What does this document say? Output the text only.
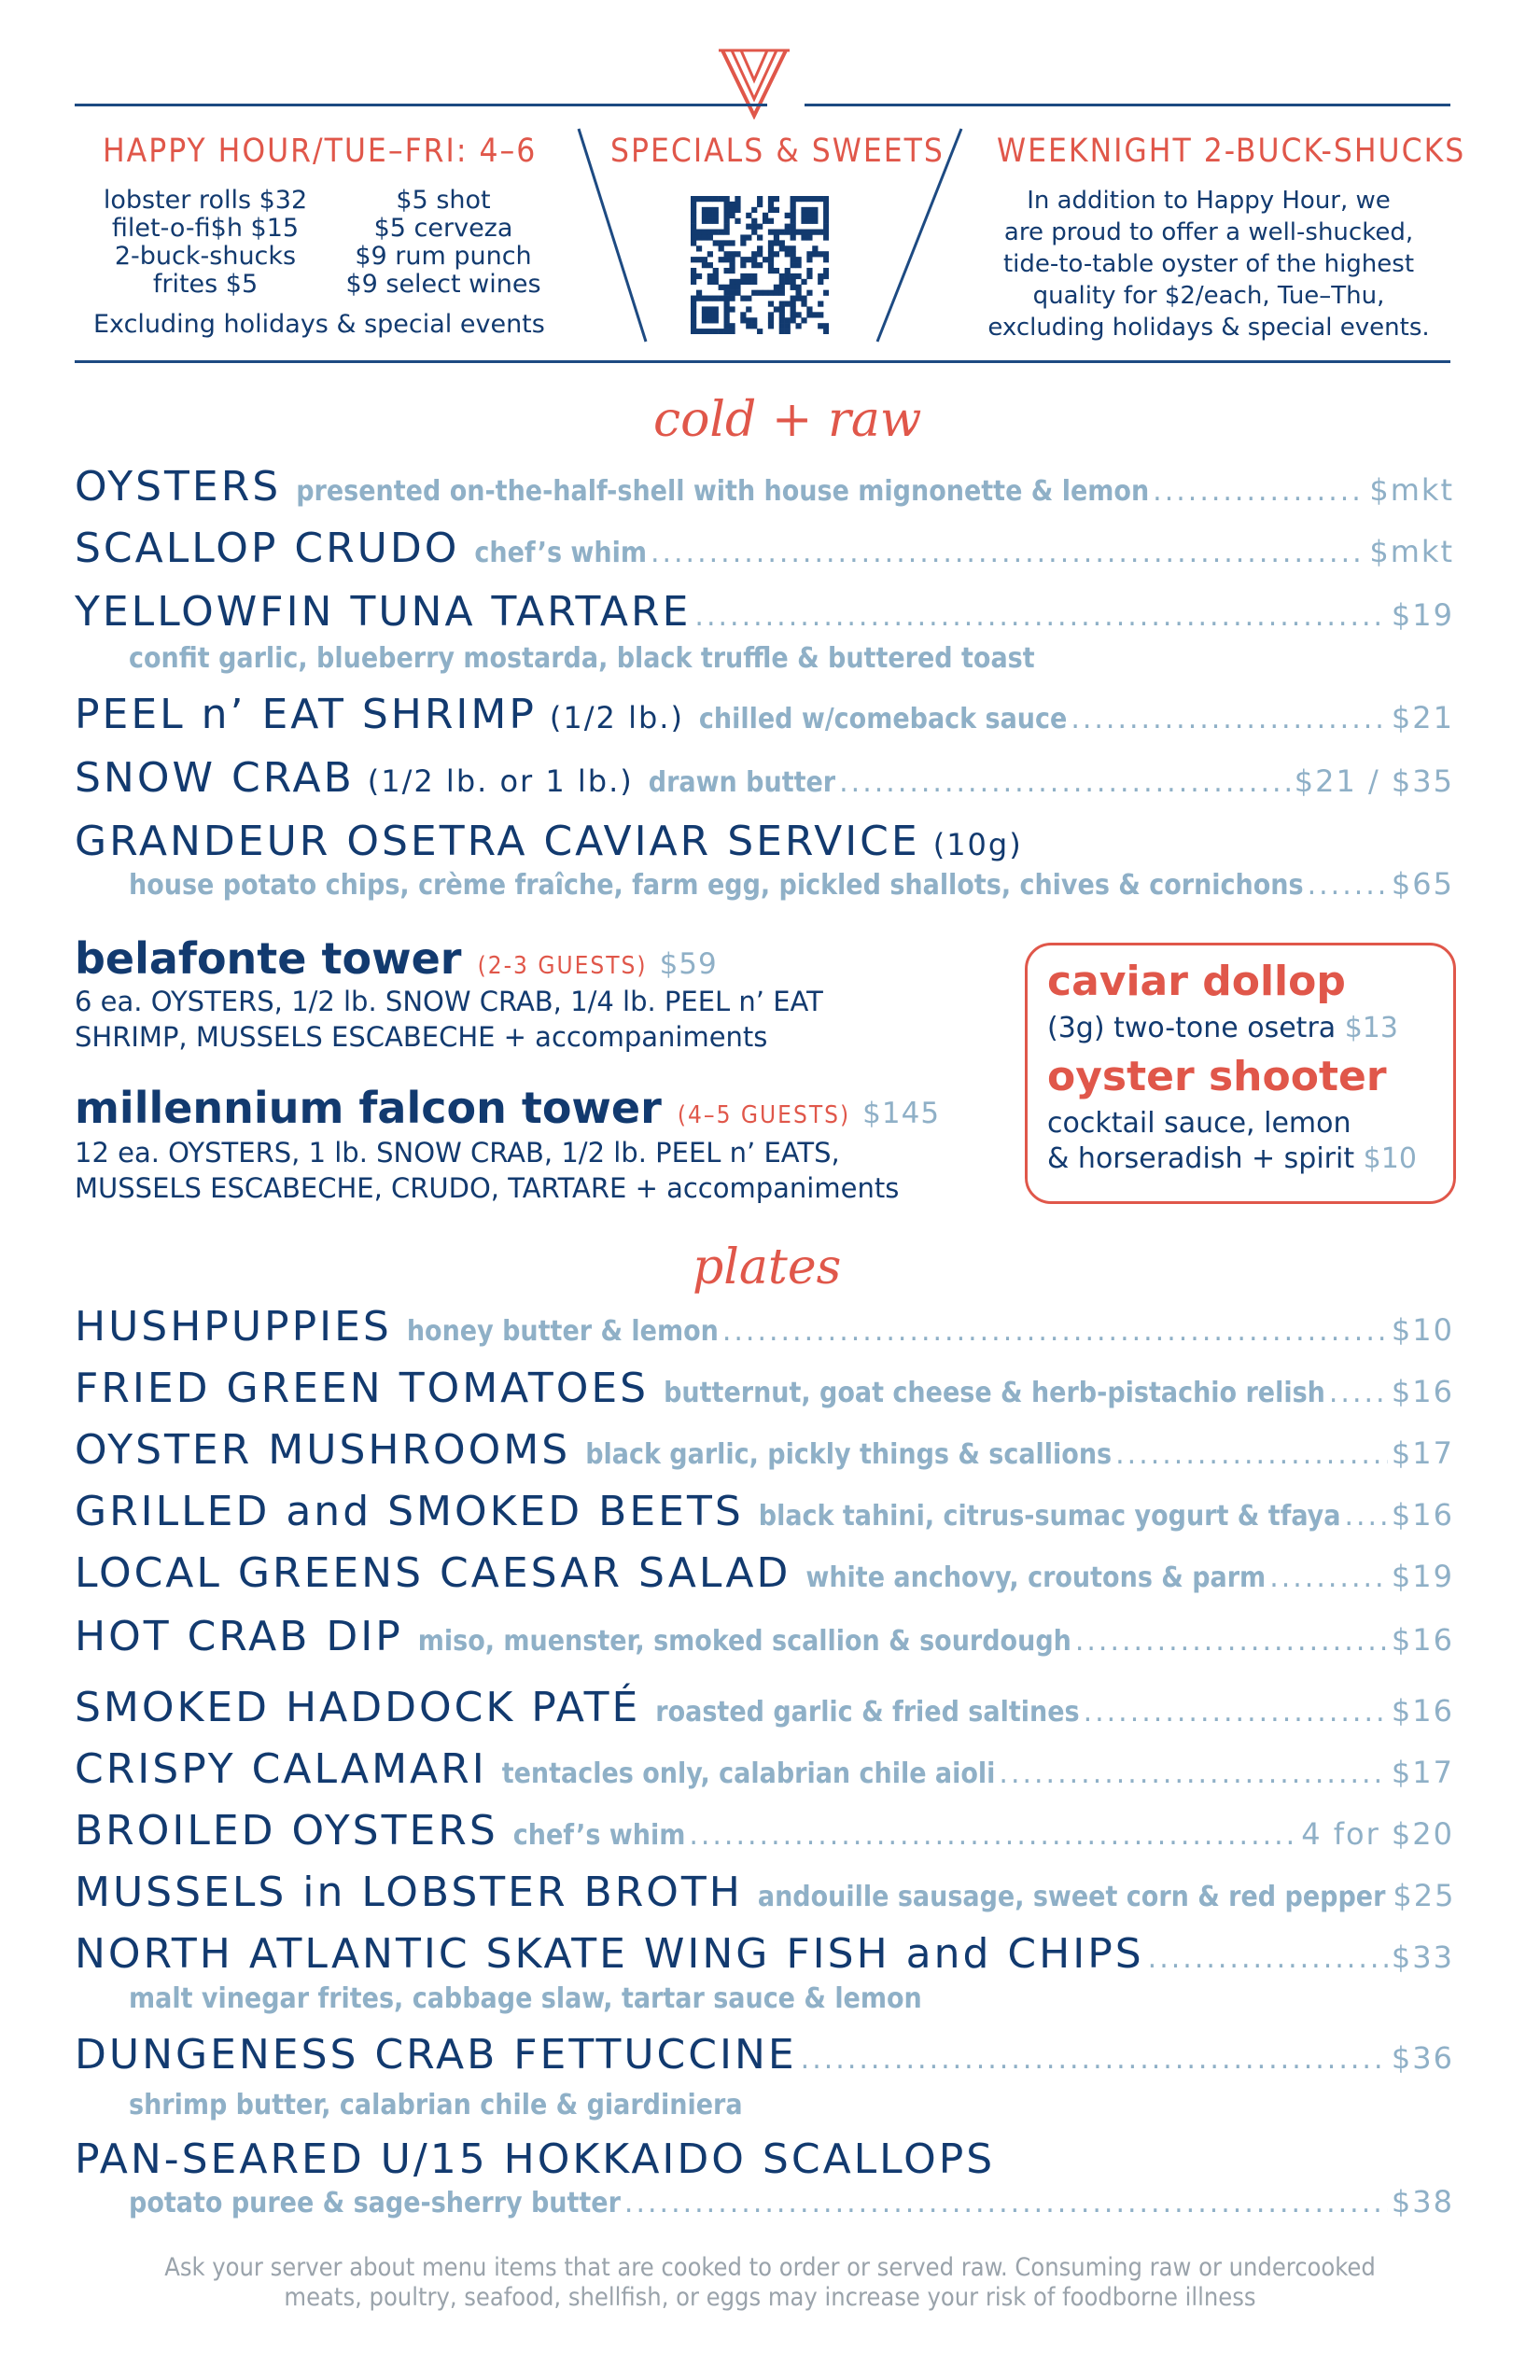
HAPPY HOUR/TUE–FRI: 4–6
lobster rolls $32
filet-o-fi$h $15
2-buck-shucks
frites $5
$5 shot
$5 cerveza
$9 rum punch
$9 select wines
Excluding holidays & special events
SPECIALS & SWEETS WEEKNIGHT 2-BUCK-SHUCKS
In addition to Happy Hour, we
are proud to offer a well-shucked,
tide-to-table oyster of the highest
quality for $2/each, Tue–Thu,
excluding holidays & special events.
cold + raw
OYSTERS presented on-the-half-shell with house mignonette & lemon .....	$mkt
SCALLOP CRUDO chef’s whim .....	$mkt
YELLOWFIN TUNA TARTARE .....	$19
confit garlic, blueberry mostarda, black truffle & buttered toast
PEEL n’ EAT SHRIMP (1/2 lb.) chilled w/comeback sauce .....	$21
SNOW CRAB (1/2 lb. or 1 lb.) drawn butter .....	$21 / $35
GRANDEUR OSETRA CAVIAR SERVICE (10g)
house potato chips, crème fraîche, farm egg, pickled shallots, chives & cornichons .....	$65
belafonte tower (2-3 GUESTS) $59
6 ea. OYSTERS, 1/2 lb. SNOW CRAB, 1/4 lb. PEEL n’ EAT
SHRIMP, MUSSELS ESCABECHE + accompaniments
millennium falcon tower (4–5 GUESTS) $145
12 ea. OYSTERS, 1 lb. SNOW CRAB, 1/2 lb. PEEL n’ EATS,
MUSSELS ESCABECHE, CRUDO, TARTARE + accompaniments
caviar dollop
(3g) two-tone osetra $13
oyster shooter
cocktail sauce, lemon
& horseradish + spirit $10
plates
HUSHPUPPIES honey butter & lemon .....	$10
FRIED GREEN TOMATOES butternut, goat cheese & herb-pistachio relish ..... $16
OYSTER MUSHROOMS black garlic, pickly things & scallions .....	$17
GRILLED and SMOKED BEETS black tahini, citrus-sumac yogurt & tfaya ..... $16
LOCAL GREENS CAESAR SALAD white anchovy, croutons & parm .....	$19
HOT CRAB DIP miso, muenster, smoked scallion & sourdough .....	$16
SMOKED HADDOCK PATÉ roasted garlic & fried saltines .....	$16
CRISPY CALAMARI tentacles only, calabrian chile aioli .....	$17
BROILED OYSTERS chef’s whim .....	4 for $20
MUSSELS in LOBSTER BROTH andouille sausage, sweet corn & red pepper $25
NORTH ATLANTIC SKATE WING FISH and CHIPS .....	$33
malt vinegar frites, cabbage slaw, tartar sauce & lemon
DUNGENESS CRAB FETTUCCINE .....	$36
shrimp butter, calabrian chile & giardiniera
PAN-SEARED U/15 HOKKAIDO SCALLOPS
potato puree & sage-sherry butter .....	$38
Ask your server about menu items that are cooked to order or served raw. Consuming raw or undercooked
meats, poultry, seafood, shellfish, or eggs may increase your risk of foodborne illness
